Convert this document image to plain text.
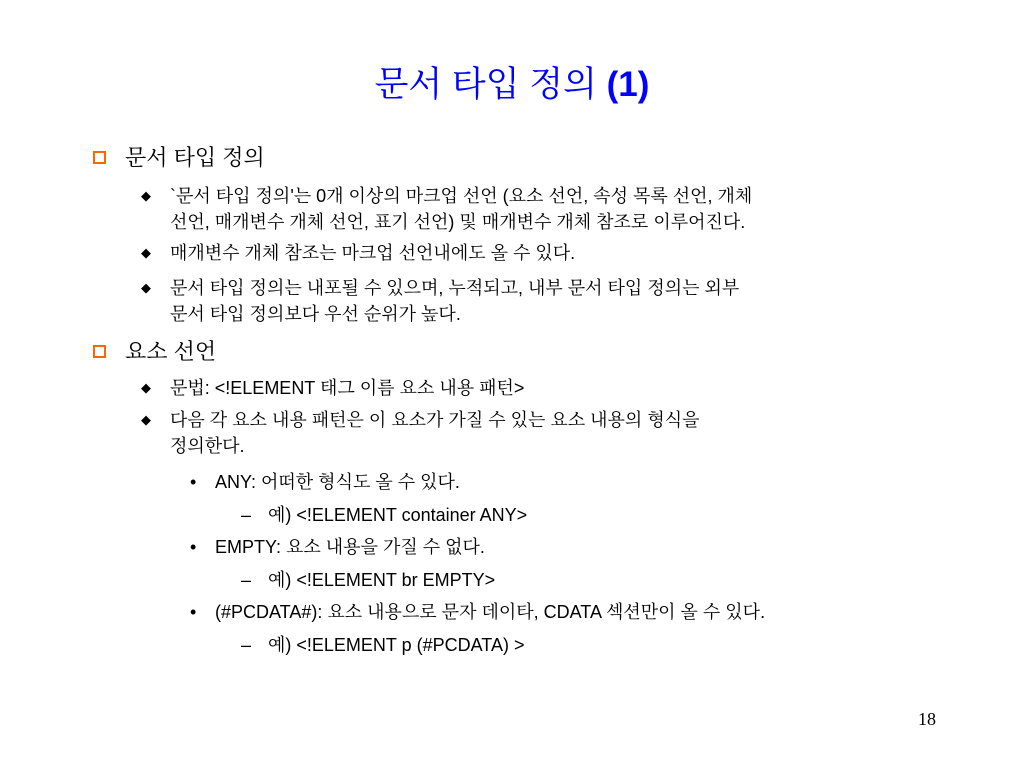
문서 타입 정의 (1)
문서 타입 정의
◆ `문서 타입 정의'는 0개 이상의 마크업 선언 (요소 선언, 속성 목록 선언, 개체
선언, 매개변수 개체 선언, 표기 선언) 및 매개변수 개체 참조로 이루어진다.
◆ 매개변수 개체 참조는 마크업 선언내에도 올 수 있다.
◆ 문서 타입 정의는 내포될 수 있으며, 누적되고, 내부 문서 타입 정의는 외부
문서 타입 정의보다 우선 순위가 높다.
요소 선언
◆ 문법: <!ELEMENT 태그 이름 요소 내용 패턴>
◆ 다음 각 요소 내용 패턴은 이 요소가 가질 수 있는 요소 내용의 형식을
정의한다.
• ANY: 어떠한 형식도 올 수 있다.
– 예) <!ELEMENT container ANY>
• EMPTY: 요소 내용을 가질 수 없다.
– 예) <!ELEMENT br EMPTY>
• (#PCDATA#): 요소 내용으로 문자 데이타, CDATA 섹션만이 올 수 있다.
– 예) <!ELEMENT p (#PCDATA) >
18
